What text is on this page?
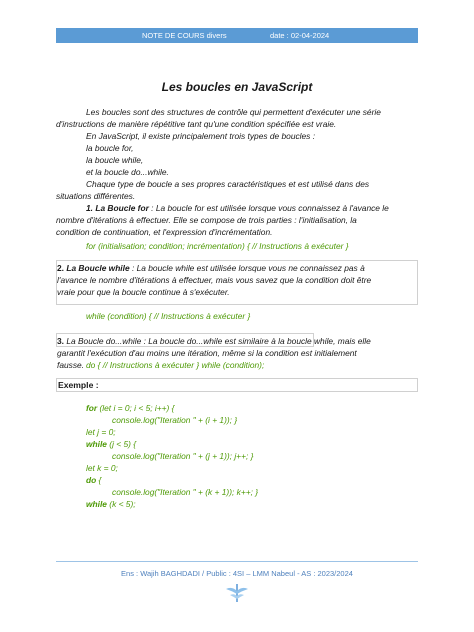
NOTE DE COURS divers	date : 02-04-2024
Les boucles en JavaScript
Les boucles sont des structures de contrôle qui permettent d'exécuter une série
d'instructions de manière répétitive tant qu'une condition spécifiée est vraie.
En JavaScript, il existe principalement trois types de boucles :
la boucle for,
la boucle while,
et la boucle do...while.
Chaque type de boucle a ses propres caractéristiques et est utilisé dans des
situations différentes.
1. La Boucle for : La boucle for est utilisée lorsque vous connaissez à l'avance le
nombre d'itérations à effectuer. Elle se compose de trois parties : l'initialisation, la
condition de continuation, et l'expression d'incrémentation.
for (initialisation; condition; incrémentation) { // Instructions à exécuter }
2. La Boucle while : La boucle while est utilisée lorsque vous ne connaissez pas à
l'avance le nombre d'itérations à effectuer, mais vous savez que la condition doit être
vraie pour que la boucle continue à s'exécuter.
while (condition) { // Instructions à exécuter }
3. La Boucle do...while : La boucle do...while est similaire à la boucle while, mais elle
garantit l'exécution d'au moins une itération, même si la condition est initialement
fausse.
Exemple :
for (let i = 0; i < 5; i++) {
console.log("Iteration " + (i + 1)); }
let j = 0;
while (j < 5) {
console.log("Iteration " + (j + 1)); j++; }
let k = 0;
do {
console.log("Iteration " + (k + 1)); k++; }
while (k < 5);
Ens : Wajih BAGHDADI / Public : 4SI – LMM Nabeul - AS : 2023/2024
do { // Instructions à exécuter } while (condition);
